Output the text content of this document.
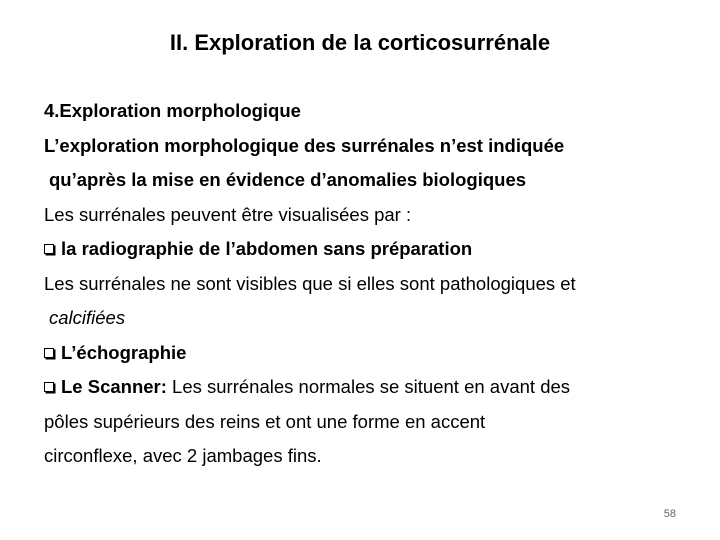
II. Exploration de la corticosurrénale
4.Exploration morphologique
L’exploration morphologique des surrénales n’est indiquée
qu’après la mise en évidence d’anomalies biologiques
Les surrénales peuvent être visualisées par :
la radiographie de l’abdomen sans préparation
Les surrénales ne sont visibles que si elles sont pathologiques et
calcifiées
L’échographie
Le Scanner: Les surrénales normales se situent en avant des
pôles supérieurs des reins et ont une forme en accent
circonflexe, avec 2 jambages fins.
58
